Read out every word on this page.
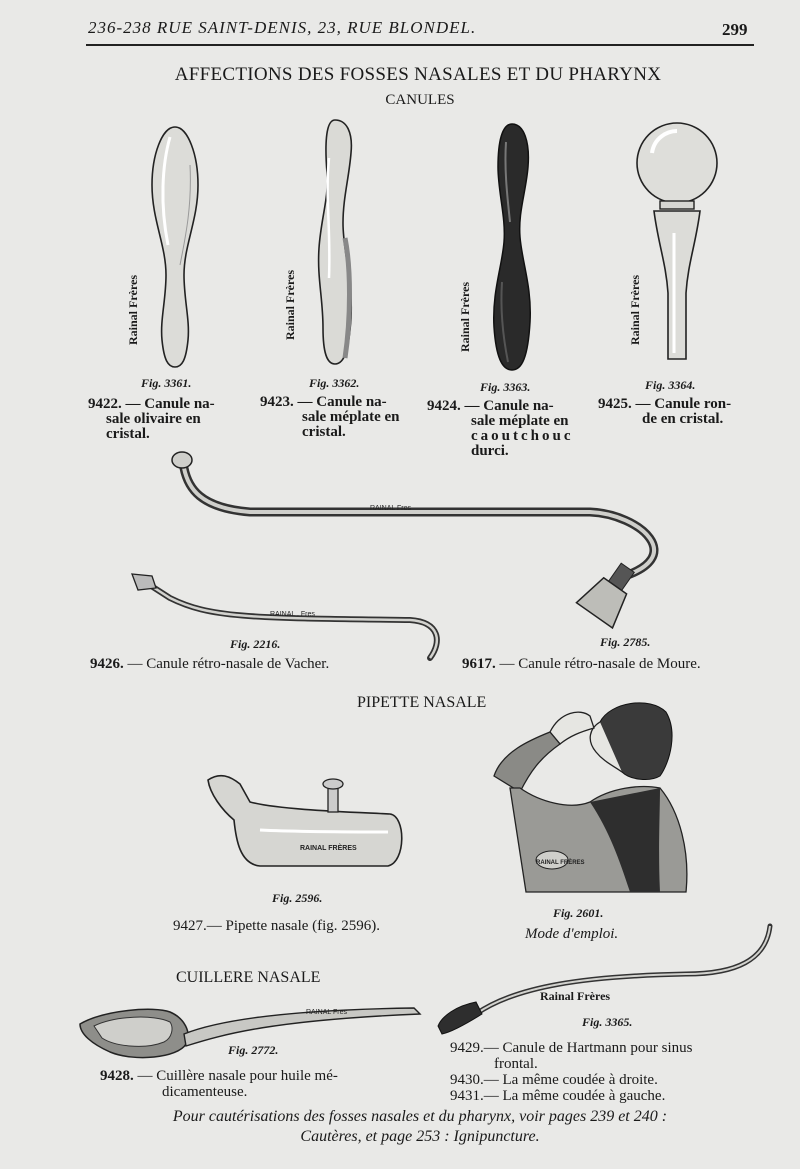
236-238 RUE SAINT-DENIS, 23, RUE BLONDEL.	299
AFFECTIONS DES FOSSES NASALES ET DU PHARYNX
CANULES
Rainal Frères	Rainal Frères	Rainal Frères	Rainal Frères
Fig. 3361.	Fig. 3362.	Fig. 3363.	Fig. 3364.
9422. — Canule na-
sale olivaire en
cristal.
9423. — Canule na-
sale méplate en
cristal.
9424. — Canule na-
sale méplate en
caoutchouc
durci.
9425. — Canule ron-
de en cristal.
RAINAL Fres
RAINAL . Fres
Fig. 2216.	Fig. 2785.
9426. — Canule rétro-nasale de Vacher.	9617. — Canule rétro-nasale de Moure.
PIPETTE NASALE
RAINAL FRÈRES
Fig. 2596.
9427.— Pipette nasale (fig. 2596).
RAINAL FRÈRES
Fig. 2601.
Mode d'emploi.
CUILLERE NASALE
RAINAL Fres
Fig. 2772.
9428. — Cuillère nasale pour huile mé-
dicamenteuse.
Rainal Frères
Fig. 3365.
9429.— Canule de Hartmann pour sinus
frontal.
9430.— La même coudée à droite.
9431.— La même coudée à gauche.
Pour cautérisations des fosses nasales et du pharynx, voir pages 239 et 240 :
Cautères, et page 253 : Ignipuncture.
